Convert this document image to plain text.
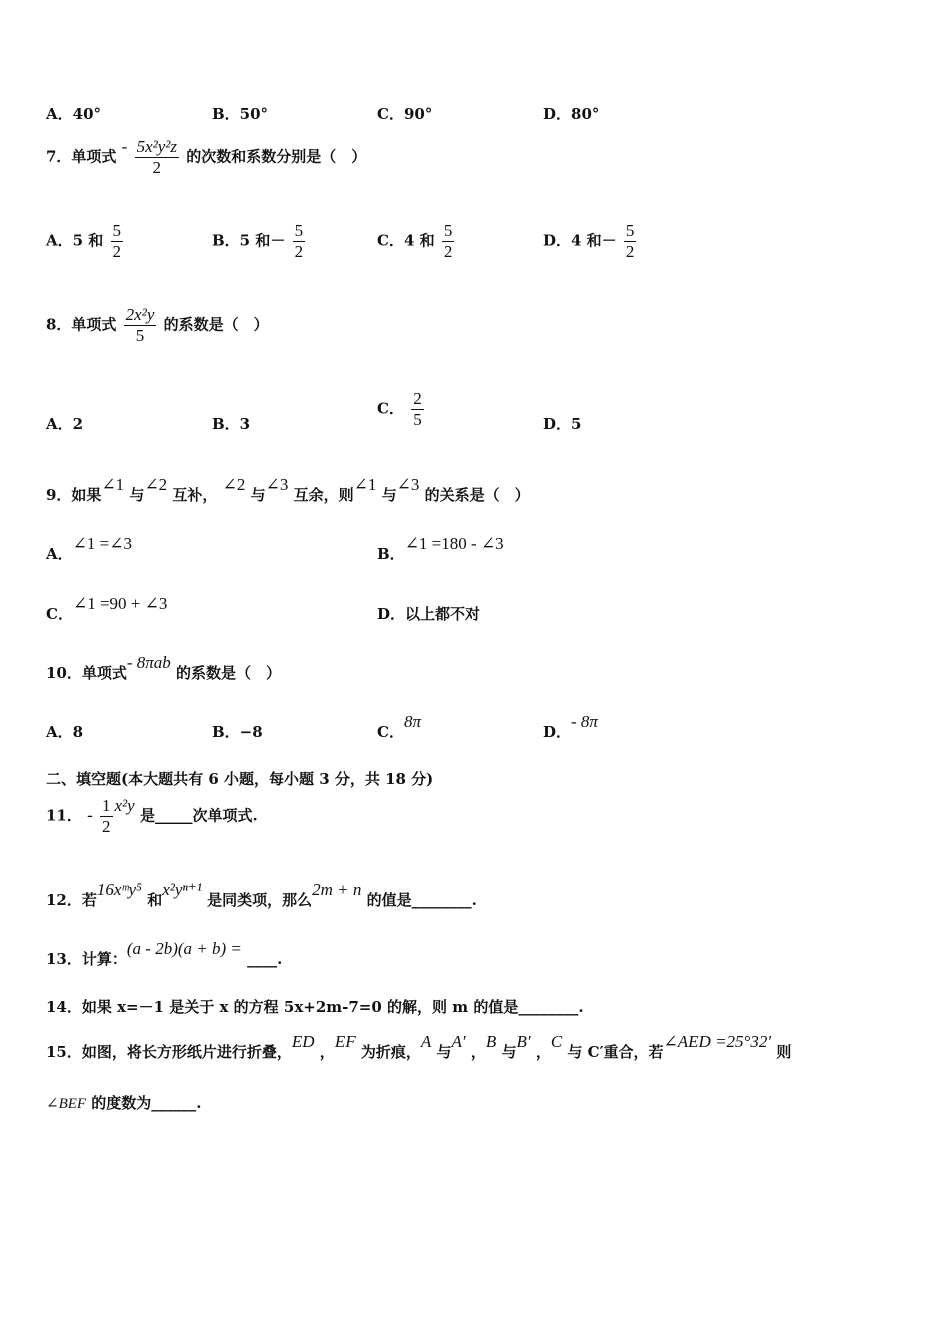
A．40°	B．50°	C．90°	D．80°
7．单项式 - $\frac{\text{5x²y²z}}{2}$ 的次数和系数分别是（　）
A．5 和 $\frac{5}{2}$	B．5 和－ $\frac{5}{2}$	C．4 和 $\frac{5}{2}$	D．4 和－ $\frac{5}{2}$
8．单项式 $\frac{\text{2x²y}}{5}$ 的系数是（　）
A．2	B．3
C． $\frac{2}{5}$	D．5
9．如果∠1 与∠2 互补， ∠2 与∠3 互余，则∠1 与∠3 的关系是（　）
A．∠1 =∠3
B．∠1 =180 - ∠3
C．∠1 =90 + ∠3
D．以上都不对
10．单项式- 8πab 的系数是（　）
A．8	B．−8	C．8π
D．- 8π
二、填空题(本大题共有 6 小题，每小题 3 分，共 18 分)
11． - $\frac{1}{2} x^2y$ 是_____次单项式.
12．若16xᵐy⁵ 和x²yⁿ⁺¹ 是同类项，那么2m + n 的值是________.
13．计算：(a - 2b)(a + b) = ____.
14．如果 x=－1 是关于 x 的方程 5x+2m-7=0 的解，则 m 的值是________.
15．如图，将长方形纸片进行折叠，ED ，EF 为折痕，A 与A′ ，B 与B′ ，C 与 C′重合，若∠AED =25°32′ 则
∠BEF 的度数为______.
